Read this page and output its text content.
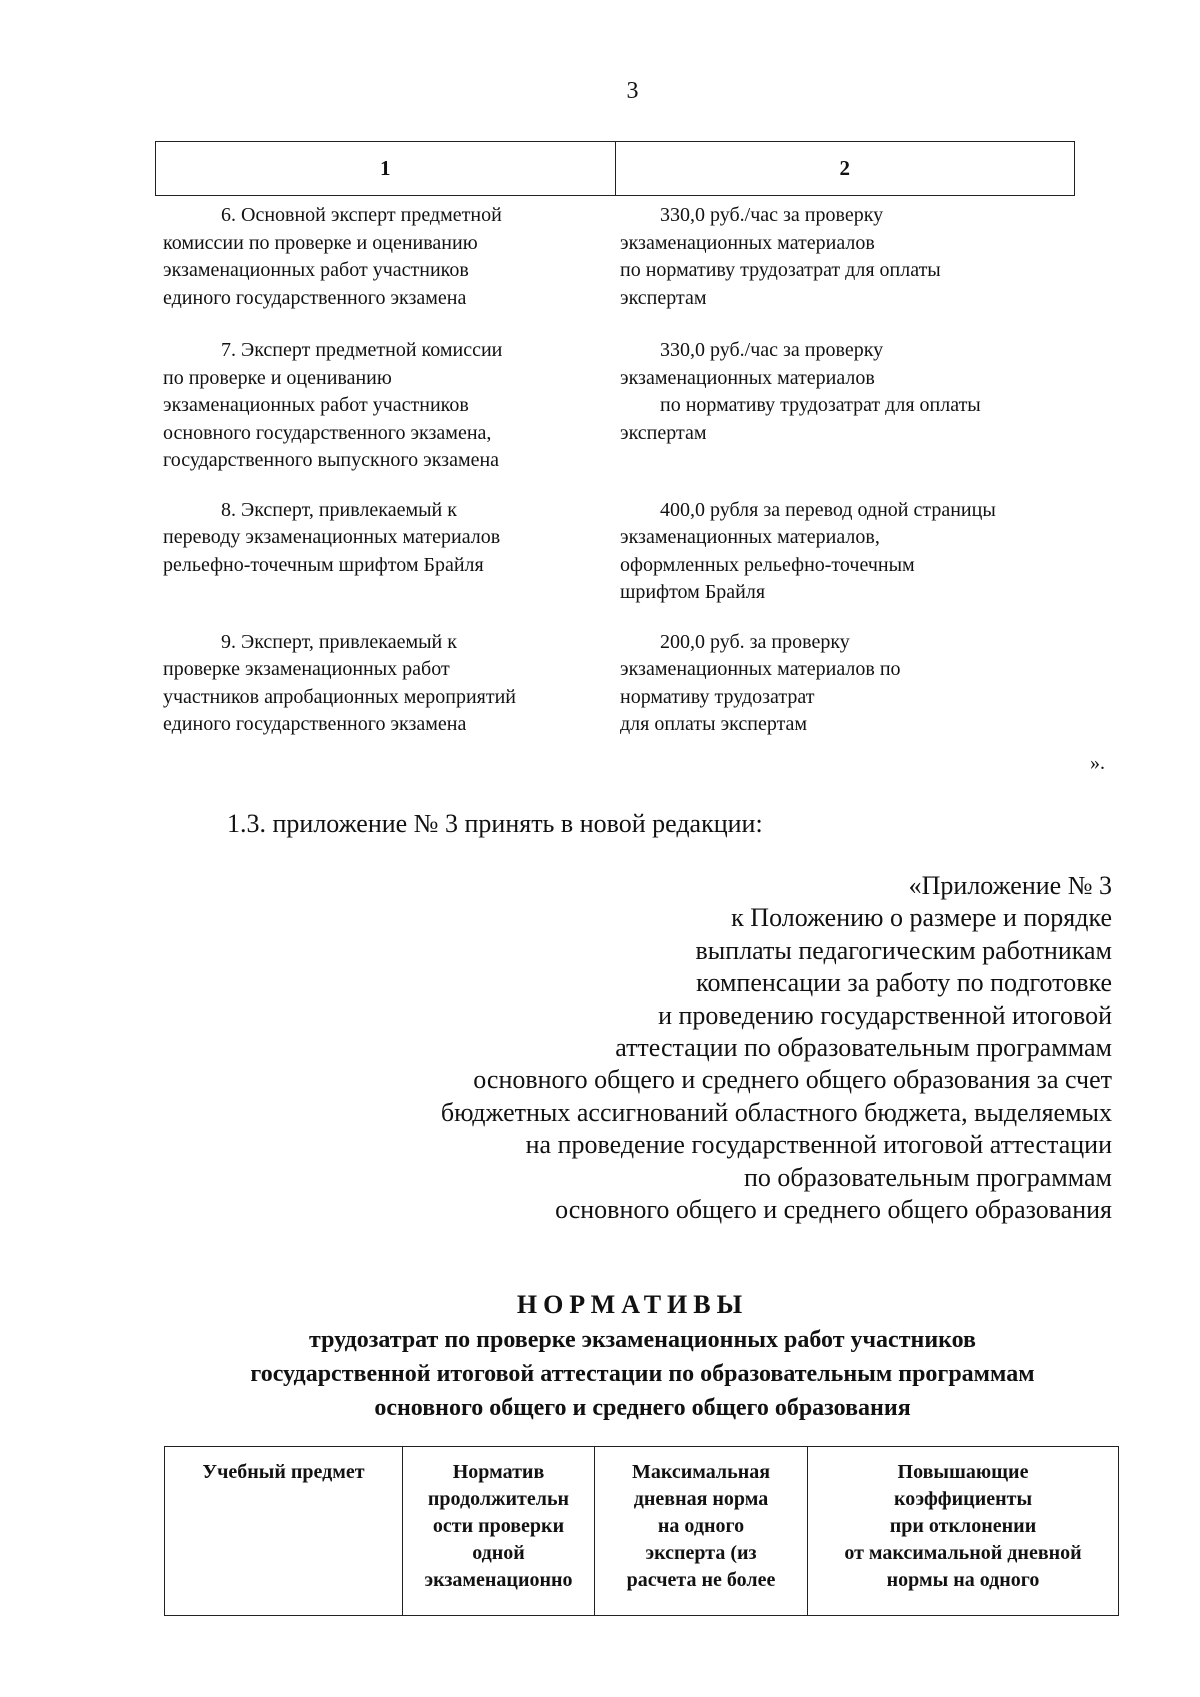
3
1	2
6. Основной эксперт предметной
комиссии по проверке и оцениванию
экзаменационных работ участников
единого государственного экзамена
330,0 руб./час за проверку
экзаменационных материалов
по нормативу трудозатрат для оплаты
экспертам
7. Эксперт предметной комиссии
по проверке и оцениванию
экзаменационных работ участников
основного государственного экзамена,
государственного выпускного экзамена
330,0 руб./час за проверку
экзаменационных материалов
по нормативу трудозатрат для оплаты
экспертам
8. Эксперт, привлекаемый к
переводу экзаменационных материалов
рельефно-точечным шрифтом Брайля
400,0 рубля за перевод одной страницы
экзаменационных материалов,
оформленных рельефно-точечным
шрифтом Брайля
9. Эксперт, привлекаемый к
проверке экзаменационных работ
участников апробационных мероприятий
единого государственного экзамена
200,0 руб. за проверку
экзаменационных материалов по
нормативу трудозатрат
для оплаты экспертам
».
1.3. приложение № 3 принять в новой редакции:
«Приложение № 3
к Положению о размере и порядке
выплаты педагогическим работникам
компенсации за работу по подготовке
и проведению государственной итоговой
аттестации по образовательным программам
основного общего и среднего общего образования за счет
бюджетных ассигнований областного бюджета, выделяемых
на проведение государственной итоговой аттестации
по образовательным программам
основного общего и среднего общего образования
НОРМАТИВЫ
трудозатрат по проверке экзаменационных работ участников
государственной итоговой аттестации по образовательным программам
основного общего и среднего общего образования
Учебный предмет	Норматив
продолжительн
ости проверки
одной
экзаменационно
Максимальная
дневная норма
на одного
эксперта (из
расчета не более
Повышающие
коэффициенты
при отклонении
от максимальной дневной
нормы на одного
